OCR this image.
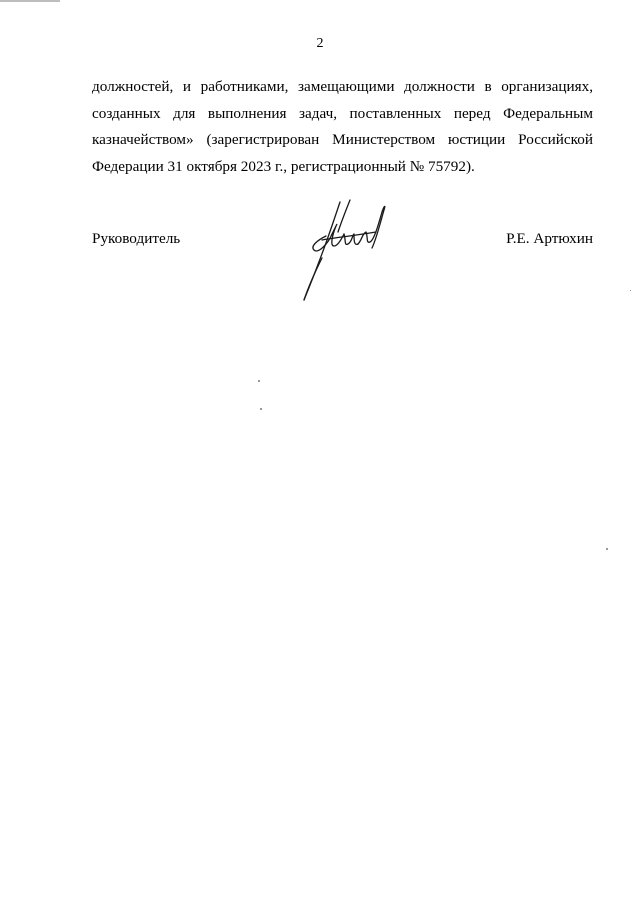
2

должностей, и работниками, замещающими должности в организациях, созданных для выполнения задач, поставленных перед Федеральным казначейством» (зарегистрирован Министерством юстиции Российской Федерации 31 октября 2023 г., регистрационный № 75792).

Руководитель	Р.Е. Артюхин
